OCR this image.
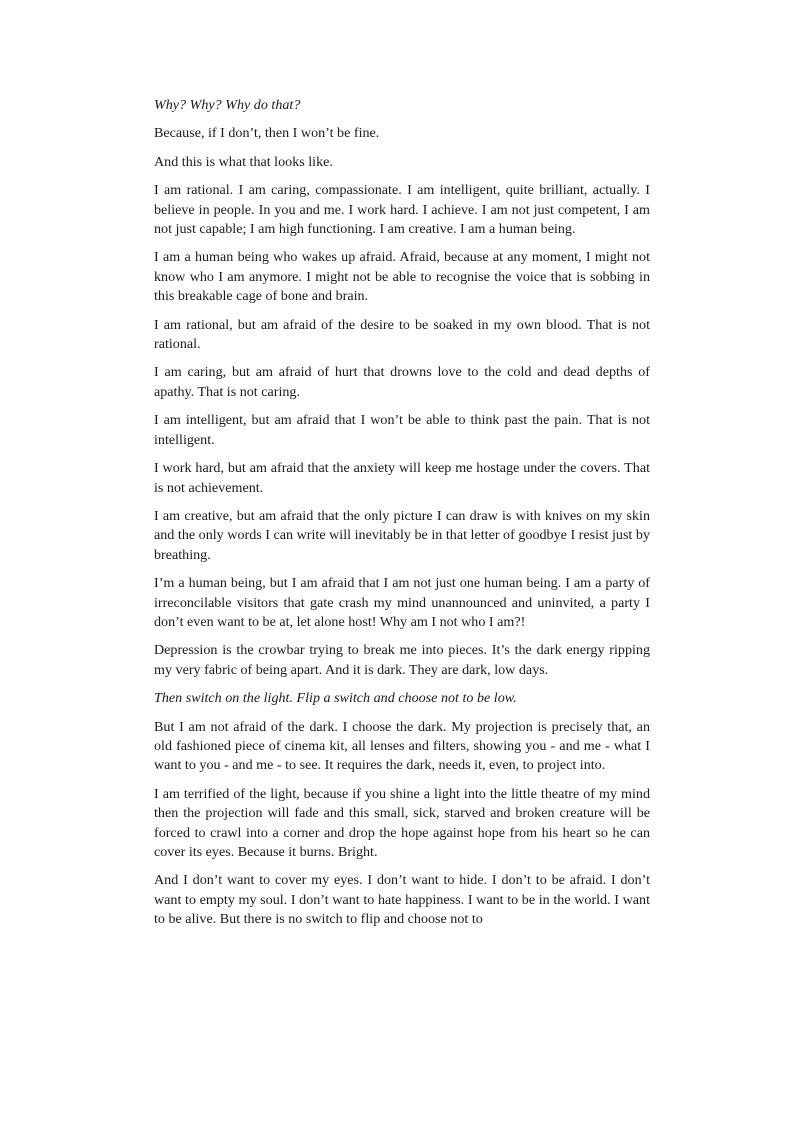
Why? Why? Why do that?

Because, if I don’t, then I won’t be fine.

And this is what that looks like.

I am rational. I am caring, compassionate. I am intelligent, quite brilliant, actually. I believe in people. In you and me. I work hard. I achieve. I am not just competent, I am not just capable; I am high functioning. I am creative. I am a human being.

I am a human being who wakes up afraid. Afraid, because at any moment, I might not know who I am anymore. I might not be able to recognise the voice that is sobbing in this breakable cage of bone and brain.

I am rational, but am afraid of the desire to be soaked in my own blood. That is not rational.

I am caring, but am afraid of hurt that drowns love to the cold and dead depths of apathy. That is not caring.

I am intelligent, but am afraid that I won’t be able to think past the pain. That is not intelligent.

I work hard, but am afraid that the anxiety will keep me hostage under the covers. That is not achievement.

I am creative, but am afraid that the only picture I can draw is with knives on my skin and the only words I can write will inevitably be in that letter of goodbye I resist just by breathing.

I’m a human being, but I am afraid that I am not just one human being. I am a party of irreconcilable visitors that gate crash my mind unannounced and uninvited, a party I don’t even want to be at, let alone host! Why am I not who I am?!

Depression is the crowbar trying to break me into pieces. It’s the dark energy ripping my very fabric of being apart. And it is dark. They are dark, low days.

Then switch on the light. Flip a switch and choose not to be low.

But I am not afraid of the dark. I choose the dark. My projection is precisely that, an old fashioned piece of cinema kit, all lenses and filters, showing you - and me - what I want to you - and me - to see. It requires the dark, needs it, even, to project into.

I am terrified of the light, because if you shine a light into the little theatre of my mind then the projection will fade and this small, sick, starved and broken creature will be forced to crawl into a corner and drop the hope against hope from his heart so he can cover its eyes. Because it burns. Bright.

And I don’t want to cover my eyes. I don’t want to hide. I don’t to be afraid. I don’t want to empty my soul. I don’t want to hate happiness. I want to be in the world. I want to be alive. But there is no switch to flip and choose not to
